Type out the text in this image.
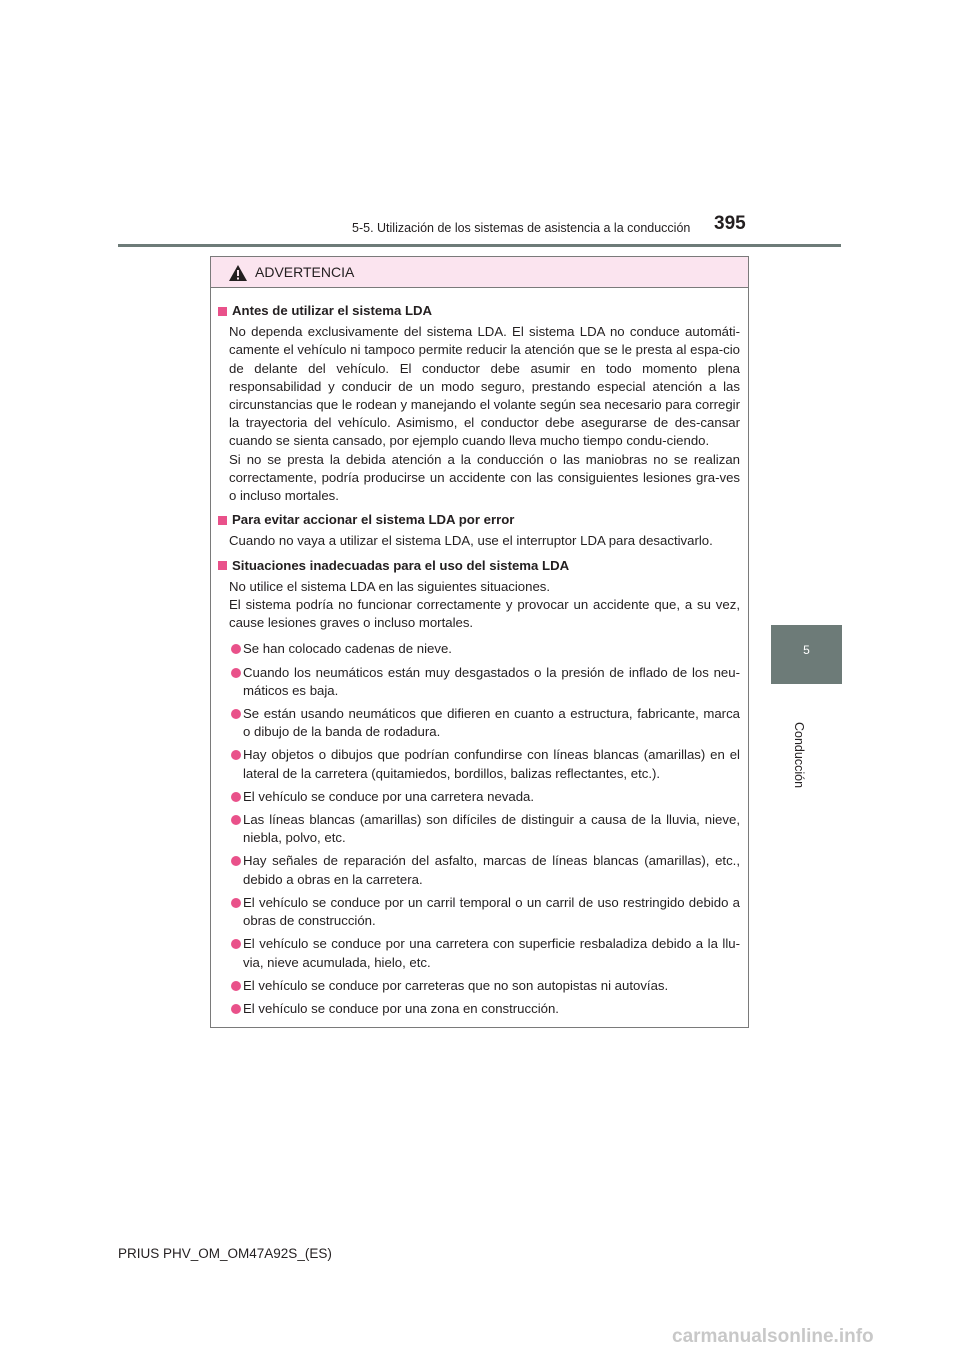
5-5. Utilización de los sistemas de asistencia a la conducción	395
5
Conducción
ADVERTENCIA
Antes de utilizar el sistema LDA

No dependa exclusivamente del sistema LDA. El sistema LDA no conduce automáti-camente el vehículo ni tampoco permite reducir la atención que se le presta al espa-cio de delante del vehículo. El conductor debe asumir en todo momento plena responsabilidad y conducir de un modo seguro, prestando especial atención a las circunstancias que le rodean y manejando el volante según sea necesario para corregir la trayectoria del vehículo. Asimismo, el conductor debe asegurarse de des-cansar cuando se sienta cansado, por ejemplo cuando lleva mucho tiempo condu-ciendo.

Si no se presta la debida atención a la conducción o las maniobras no se realizan correctamente, podría producirse un accidente con las consiguientes lesiones gra-ves o incluso mortales.

Para evitar accionar el sistema LDA por error

Cuando no vaya a utilizar el sistema LDA, use el interruptor LDA para desactivarlo.

Situaciones inadecuadas para el uso del sistema LDA

No utilice el sistema LDA en las siguientes situaciones.

El sistema podría no funcionar correctamente y provocar un accidente que, a su vez, cause lesiones graves o incluso mortales.

Se han colocado cadenas de nieve.
Cuando los neumáticos están muy desgastados o la presión de inflado de los neu-máticos es baja.
Se están usando neumáticos que difieren en cuanto a estructura, fabricante, marca o dibujo de la banda de rodadura.
Hay objetos o dibujos que podrían confundirse con líneas blancas (amarillas) en el lateral de la carretera (quitamiedos, bordillos, balizas reflectantes, etc.).
El vehículo se conduce por una carretera nevada.
Las líneas blancas (amarillas) son difíciles de distinguir a causa de la lluvia, nieve, niebla, polvo, etc.
Hay señales de reparación del asfalto, marcas de líneas blancas (amarillas), etc., debido a obras en la carretera.
El vehículo se conduce por un carril temporal o un carril de uso restringido debido a obras de construcción.
El vehículo se conduce por una carretera con superficie resbaladiza debido a la llu-via, nieve acumulada, hielo, etc.
El vehículo se conduce por carreteras que no son autopistas ni autovías.
El vehículo se conduce por una zona en construcción.
PRIUS PHV_OM_OM47A92S_(ES)
carmanualsonline.info
